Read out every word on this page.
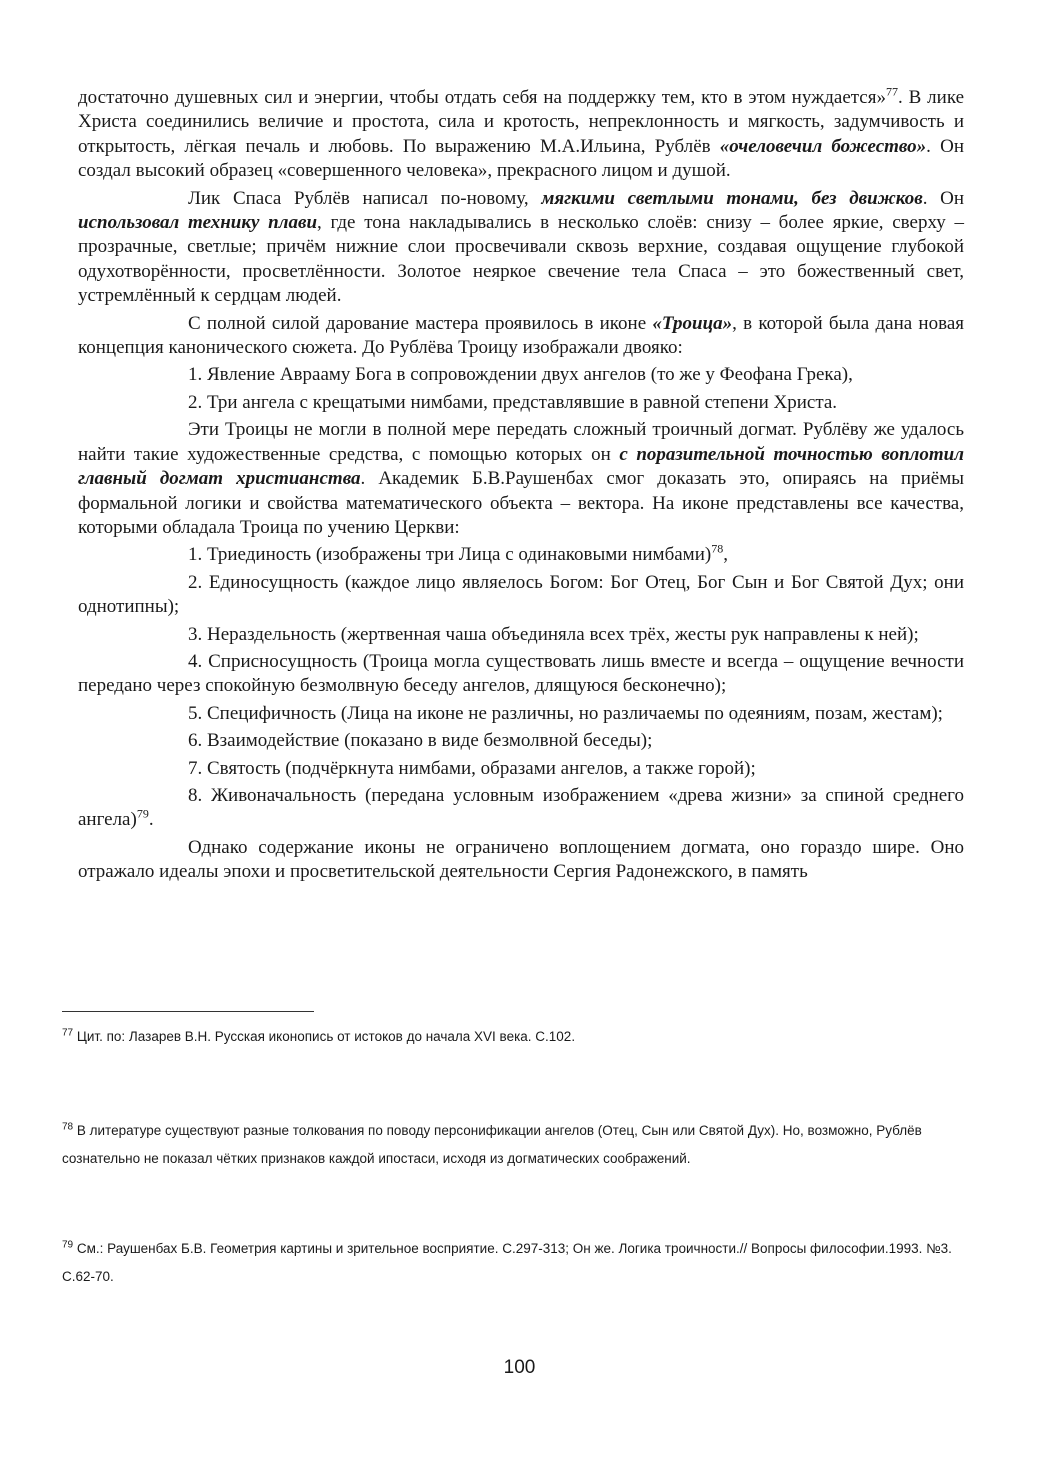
достаточно душевных сил и энергии, чтобы отдать себя на поддержку тем, кто в этом нуждается»$^{77}$. В лике Христа соединились величие и простота, сила и кротость, непреклонность и мягкость, задумчивость и открытость, лёгкая печаль и любовь. По выражению М.А.Ильина, Рублёв «очеловечил божество». Он создал высокий образец «совершенного человека», прекрасного лицом и душой.

Лик Спаса Рублёв написал по-новому, мягкими светлыми тонами, без движков. Он использовал технику плави, где тона накладывались в несколько слоёв: снизу – более яркие, сверху – прозрачные, светлые; причём нижние слои просвечивали сквозь верхние, создавая ощущение глубокой одухотворённости, просветлённости. Золотое неяркое свечение тела Спаса – это божественный свет, устремлённый к сердцам людей.

С полной силой дарование мастера проявилось в иконе «Троица», в которой была дана новая концепция канонического сюжета. До Рублёва Троицу изображали двояко:

1. Явление Аврааму Бога в сопровождении двух ангелов (то же у Феофана Грека),

2. Три ангела с крещатыми нимбами, представлявшие в равной степени Христа.

Эти Троицы не могли в полной мере передать сложный троичный догмат. Рублёву же удалось найти такие художественные средства, с помощью которых он с поразительной точностью воплотил главный догмат христианства. Академик Б.В.Раушенбах смог доказать это, опираясь на приёмы формальной логики и свойства математического объекта – вектора. На иконе представлены все качества, которыми обладала Троица по учению Церкви:

1. Триединость (изображены три Лица с одинаковыми нимбами)$^{78}$,

2. Единосущность (каждое лицо являелось Богом: Бог Отец, Бог Сын и Бог Святой Дух; они однотипны);

3. Нераздельность (жертвенная чаша объединяла всех трёх, жесты рук направлены к ней);

4. Сприсносущность (Троица могла существовать лишь вместе и всегда – ощущение вечности передано через спокойную безмолвную беседу ангелов, длящуюся бесконечно);

5. Специфичность (Лица на иконе не различны, но различаемы по одеяниям, позам, жестам);

6. Взаимодействие (показано в виде безмолвной беседы);

7. Святость (подчёркнута нимбами, образами ангелов, а также горой);

8. Живоначальность (передана условным изображением «древа жизни» за спиной среднего ангела)$^{79}$.

Однако содержание иконы не ограничено воплощением догмата, оно гораздо шире. Оно отражало идеалы эпохи и просветительской деятельности Сергия Радонежского, в память

$^{77}$ Цит. по: Лазарев В.Н. Русская иконопись от истоков до начала XVI века. С.102.
$^{78}$ В литературе существуют разные толкования по поводу персонификации ангелов (Отец, Сын или Святой Дух). Но, возможно, Рублёв сознательно не показал чётких признаков каждой ипостаси, исходя из догматических соображений.
$^{79}$ См.: Раушенбах Б.В. Геометрия картины и зрительное восприятие. С.297-313; Он же. Логика троичности.// Вопросы философии.1993. №3. С.62-70.
100
